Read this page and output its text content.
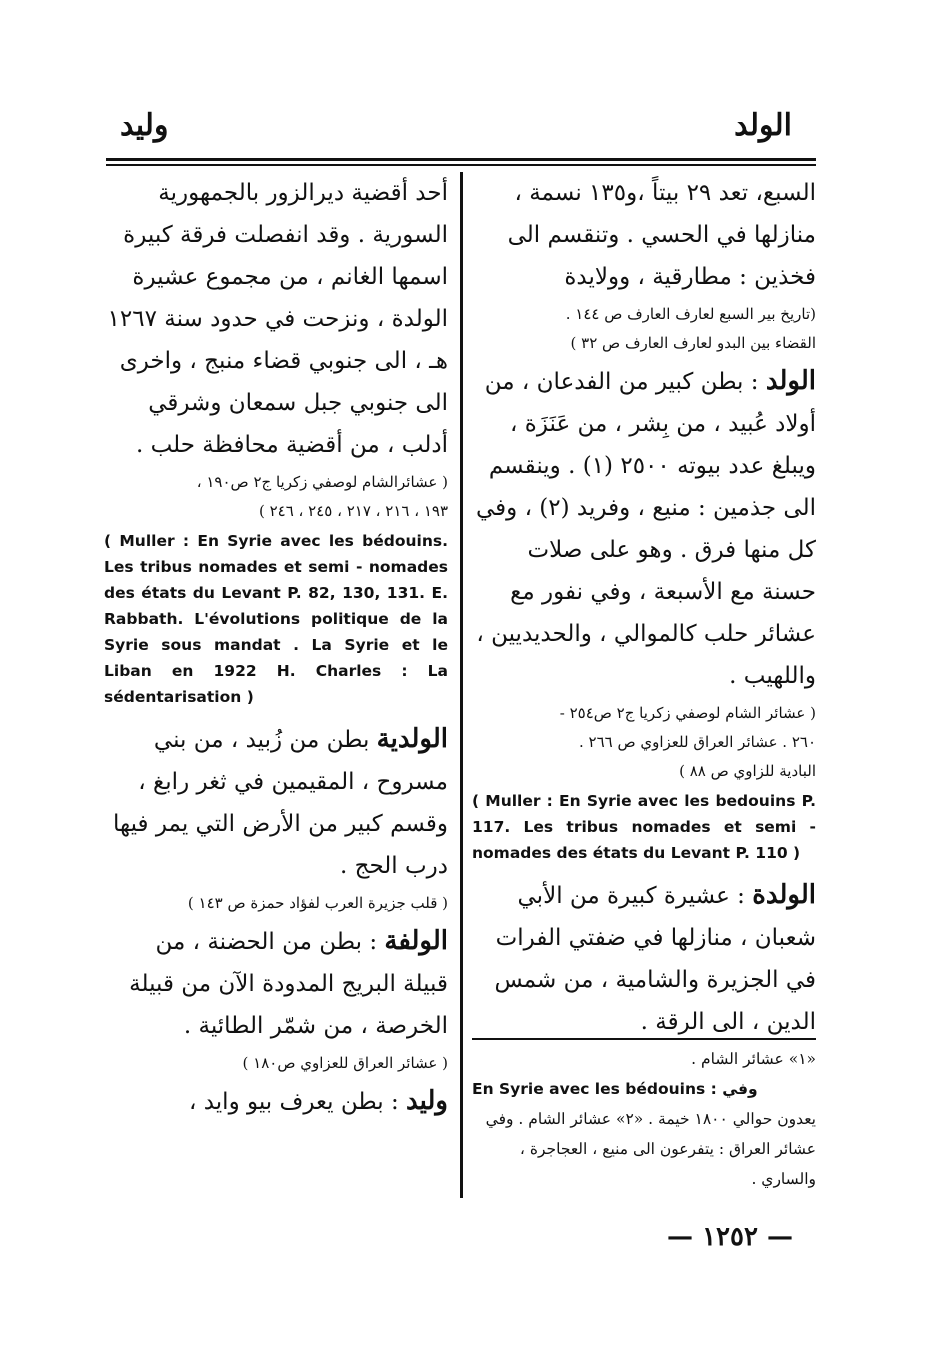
الولد
وليد

السبع، تعد ٢٩ بيتاً ،و١٣٥ نسمة ، منازلها في الحسي . وتنقسم الى فخذين : مطارقية ، وولايدة

(تاريخ بير السبع لعارف العارف ص ١٤٤ .

القضاء بين البدو لعارف العارف ص ٣٢ )

الولد : بطن كبير من الفدعان ، من أولاد عُبيد ، من بِشر ، من عَنَزَة ، ويبلغ عدد بيوته ٢٥٠٠ (١) . وينقسم الى جذمين : منيع ، وفريد (٢) ، وفي كل منها فرق . وهو على صلات حسنة مع الأسبعة ، وفي نفور مع عشائر حلب كالموالي ، والحديديين ، واللهيب .

( عشائر الشام لوصفي زكريا ج٢ ص٢٥٤ -

٢٦٠ . عشائر العراق للعزاوي ص ٢٦٦ .

البادية للزاوي ص ٨٨ )

( Muller : En Syrie avec les bedouins P. 117. Les tribus nomades et semi - nomades des états du Levant P. 110 )

الولدة : عشيرة كبيرة من الأبي شعبان ، منازلها في ضفتي الفرات في الجزيرة والشامية ، من شمس الدين ، الى الرقة .

«١» عشائر الشام .

En Syrie avec les bédouins : وفي

يعدون حوالي ١٨٠٠ خيمة . «٢» عشائر الشام . وفي عشائر العراق : يتفرعون الى منيع ، العجاجرة ، والساري .

أحد أقضية ديرالزور بالجمهورية السورية . وقد انفصلت فرقة كبيرة اسمها الغانم ، من مجموع عشيرة الولدة ، ونزحت في حدود سنة ١٢٦٧ هـ ، الى جنوبي قضاء منبج ، واخرى الى جنوبي جبل سمعان وشرقي أدلب ، من أقضية محافظة حلب .

( عشائرالشام لوصفي زكريا ج٢ ص١٩٠ ،

١٩٣ ، ٢١٦ ، ٢١٧ ، ٢٤٥ ، ٢٤٦ )

( Muller : En Syrie avec les bédouins. Les tribus nomades et semi - nomades des états du Levant P. 82, 130, 131. E. Rabbath. L'évolutions politique de la Syrie sous mandat . La Syrie et le Liban en 1922 H. Charles : La sédentarisation )

الولدية بطن من زُبيد ، من بني مسروح ، المقيمين في ثغر رابغ ، وقسم كبير من الأرض التي يمر فيها درب الحج .

( قلب جزيرة العرب لفؤاد حمزة ص ١٤٣ )

الولفة : بطن من الحضنة ، من قبيلة البريج المدودة الآن من قبيلة الخرصة ، من شمّر الطائية .

( عشائر العراق للعزاوي ص١٨٠ )

وليد : بطن يعرف بيو وايد ،

— ١٢٥٢ —
